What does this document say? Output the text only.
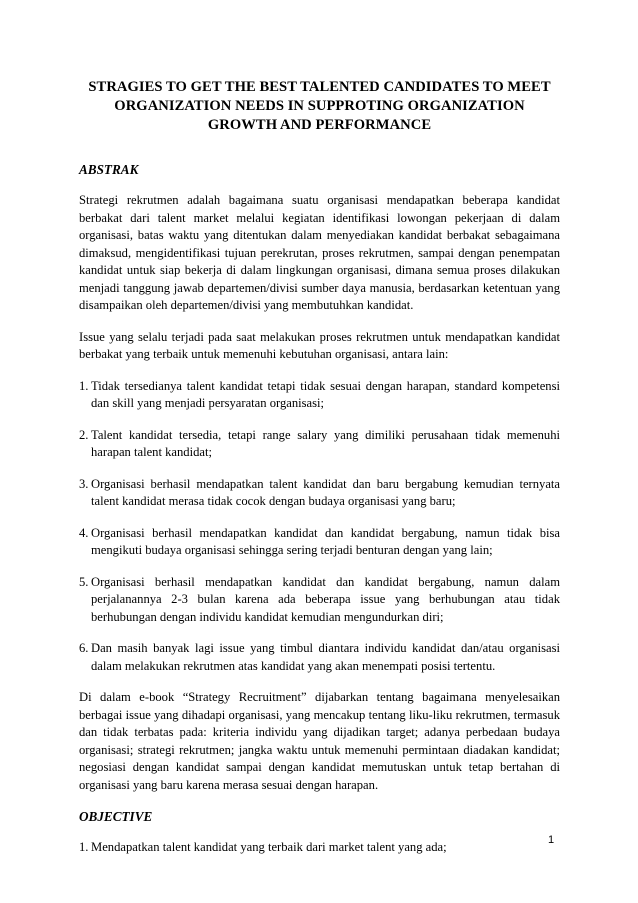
STRAGIES TO GET THE BEST TALENTED CANDIDATES TO MEET ORGANIZATION NEEDS IN SUPPROTING ORGANIZATION GROWTH AND PERFORMANCE
ABSTRAK

Strategi rekrutmen adalah bagaimana suatu organisasi mendapatkan beberapa kandidat berbakat dari talent market melalui kegiatan identifikasi lowongan pekerjaan di dalam organisasi, batas waktu yang ditentukan dalam menyediakan kandidat berbakat sebagaimana dimaksud, mengidentifikasi tujuan perekrutan, proses rekrutmen, sampai dengan penempatan kandidat untuk siap bekerja di dalam lingkungan organisasi, dimana semua proses dilakukan menjadi tanggung jawab departemen/divisi sumber daya manusia, berdasarkan ketentuan yang disampaikan oleh departemen/divisi yang membutuhkan kandidat.

Issue yang selalu terjadi pada saat melakukan proses rekrutmen untuk mendapatkan kandidat berbakat yang terbaik untuk memenuhi kebutuhan organisasi, antara lain:

1. Tidak tersedianya talent kandidat tetapi tidak sesuai dengan harapan, standard kompetensi dan skill yang menjadi persyaratan organisasi;
2. Talent kandidat tersedia, tetapi range salary yang dimiliki perusahaan tidak memenuhi harapan talent kandidat;
3. Organisasi berhasil mendapatkan talent kandidat dan baru bergabung kemudian ternyata talent kandidat merasa tidak cocok dengan budaya organisasi yang baru;
4. Organisasi berhasil mendapatkan kandidat dan kandidat bergabung, namun tidak bisa mengikuti budaya organisasi sehingga sering terjadi benturan dengan yang lain;
5. Organisasi berhasil mendapatkan kandidat dan kandidat bergabung, namun dalam perjalanannya 2-3 bulan karena ada beberapa issue yang berhubungan atau tidak berhubungan dengan individu kandidat kemudian mengundurkan diri;
6. Dan masih banyak lagi issue yang timbul diantara individu kandidat dan/atau organisasi dalam melakukan rekrutmen atas kandidat yang akan menempati posisi tertentu.

Di dalam e-book “Strategy Recruitment” dijabarkan tentang bagaimana menyelesaikan berbagai issue yang dihadapi organisasi, yang mencakup tentang liku-liku rekrutmen, termasuk dan tidak terbatas pada: kriteria individu yang dijadikan target; adanya perbedaan budaya organisasi; strategi rekrutmen; jangka waktu untuk memenuhi permintaan diadakan kandidat; negosiasi dengan kandidat sampai dengan kandidat memutuskan untuk tetap bertahan di organisasi yang baru karena merasa sesuai dengan harapan.

OBJECTIVE
1. Mendapatkan talent kandidat yang terbaik dari market talent yang ada;	1
